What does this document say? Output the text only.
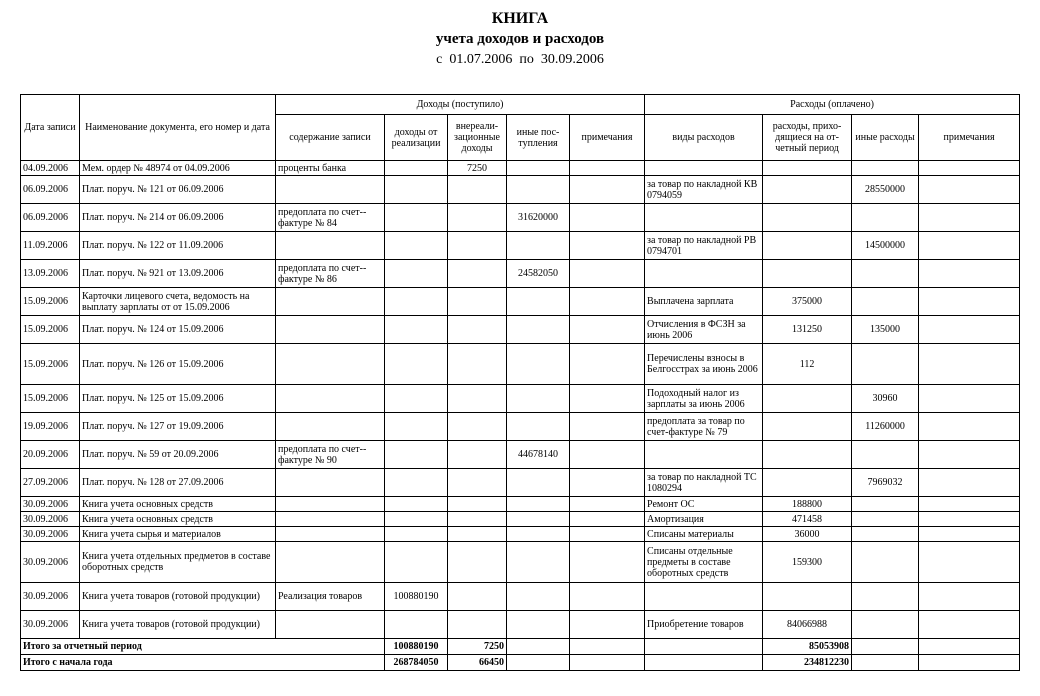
КНИГА
учета доходов и расходов
с  01.07.2006  по  30.09.2006
Дата записи	Наименование документа, его номер и дата	Доходы (поступило)					Расходы (оплачено)			
		содержание записи	доходы от реализации	внереали-зационные доходы	иные пос-тупления	примечания	виды расходов	расходы, прихо-дящиеся на от-четный период	иные расходы	примечания
04.09.2006	Мем. ордер № 48974 от 04.09.2006	проценты банка		7250						
06.09.2006	Плат. поруч. № 121 от 06.09.2006						за товар по накладной КВ 0794059		28550000	
06.09.2006	Плат. поруч. № 214 от 06.09.2006	предоплата по счет--фактуре № 84			31620000					
11.09.2006	Плат. поруч. № 122 от 11.09.2006						за товар по накладной РВ 0794701		14500000	
13.09.2006	Плат. поруч. № 921 от 13.09.2006	предоплата по счет--фактуре № 86			24582050					
15.09.2006	Карточки лицевого счета, ведомость на выплату зарплаты от от 15.09.2006						Выплачена зарплата	375000		
15.09.2006	Плат. поруч. № 124 от 15.09.2006						Отчисления в ФСЗН за июнь 2006	131250	135000	
15.09.2006	Плат. поруч. № 126 от 15.09.2006						Перечислены взносы в Белгосстрах за июнь 2006	112		
15.09.2006	Плат. поруч. № 125 от 15.09.2006						Подоходный налог из зарплаты за июнь 2006		30960	
19.09.2006	Плат. поруч. № 127 от 19.09.2006						предоплата за товар по счет-фактуре № 79		11260000	
20.09.2006	Плат. поруч. № 59 от 20.09.2006	предоплата по счет--фактуре № 90			44678140					
27.09.2006	Плат. поруч. № 128 от 27.09.2006						за товар по накладной ТС 1080294		7969032	
30.09.2006	Книга учета основных средств						Ремонт ОС	188800		
30.09.2006	Книга учета основных средств						Амортизация	471458		
30.09.2006	Книга учета сырья и материалов						Списаны материалы	36000		
30.09.2006	Книга учета отдельных предметов в составе оборотных средств						Списаны отдельные предметы в составе оборотных средств	159300		
30.09.2006	Книга учета товаров (готовой продукции)	Реализация товаров	100880190							
30.09.2006	Книга учета товаров (готовой продукции)						Приобретение товаров	84066988		
Итого за отчетный период			100880190	7250				85053908		
Итого с начала года			268784050	66450				234812230		
